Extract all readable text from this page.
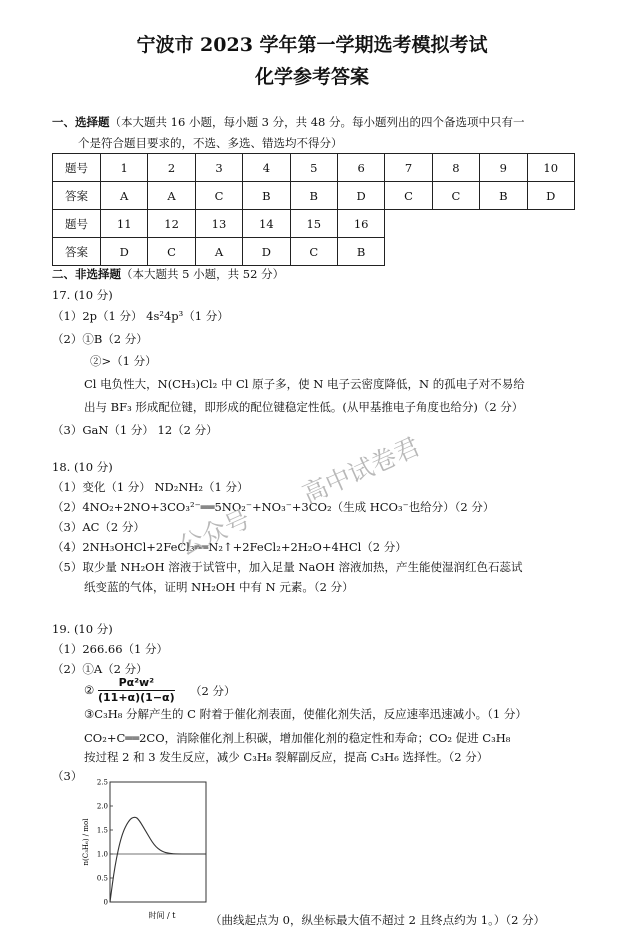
宁波市 2023 学年第一学期选考模拟考试
化学参考答案
一、选择题（本大题共 16 小题，每小题 3 分，共 48 分。每小题列出的四个备选项中只有一
个是符合题目要求的，不选、多选、错选均不得分）
题号	1	2	3	4	5	6	7	8	9	10
答案	A	A	C	B	B	D	C	C	B	D
题号	11	12	13	14	15	16				
答案	D	C	A	D	C	B				
二、非选择题（本大题共 5 小题，共 52 分）
17. (10 分)
（1）2p（1 分） 4s²4p³（1 分）
（2）①B（2 分）
②>（1 分）
Cl 电负性大，N(CH₃)Cl₂ 中 Cl 原子多，使 N 电子云密度降低，N 的孤电子对不易给
出与 BF₃ 形成配位键，即形成的配位键稳定性低。(从甲基推电子角度也给分)（2 分）
（3）GaN（1 分） 12（2 分）
18. (10 分)
（1）变化（1 分） ND₂NH₂（1 分）
（2）4NO₂+2NO+3CO₃²⁻══5NO₂⁻+NO₃⁻+3CO₂（生成 HCO₃⁻也给分）（2 分）
（3）AC（2 分）
（4）2NH₃OHCl+2FeCl₃══N₂↑+2FeCl₂+2H₂O+4HCl（2 分）
（5）取少量 NH₂OH 溶液于试管中，加入足量 NaOH 溶液加热，产生能使湿润红色石蕊试
纸变蓝的气体，证明 NH₂OH 中有 N 元素。（2 分）
19. (10 分)
（1）266.66（1 分）
（2）①A（2 分）
② $\frac{\text{Pα²w²}}{(11+\alpha)(1-\alpha)} (2$ 分）
③C₃H₈ 分解产生的 C 附着于催化剂表面，使催化剂失活，反应速率迅速减小。（1 分）
CO₂+C══2CO，消除催化剂上积碳，增加催化剂的稳定性和寿命；CO₂ 促进 C₃H₈
按过程 2 和 3 发生反应，减少 C₃H₈ 裂解副反应，提高 C₃H₆ 选择性。（2 分）
（3）
0
0.5
1.0
1.5
2.0
2.5
n(C₃H₆) / mol
时间 / t	（曲线起点为 0，纵坐标最大值不超过 2 且终点约为 1。）（2 分）
公众号
高中试卷君
